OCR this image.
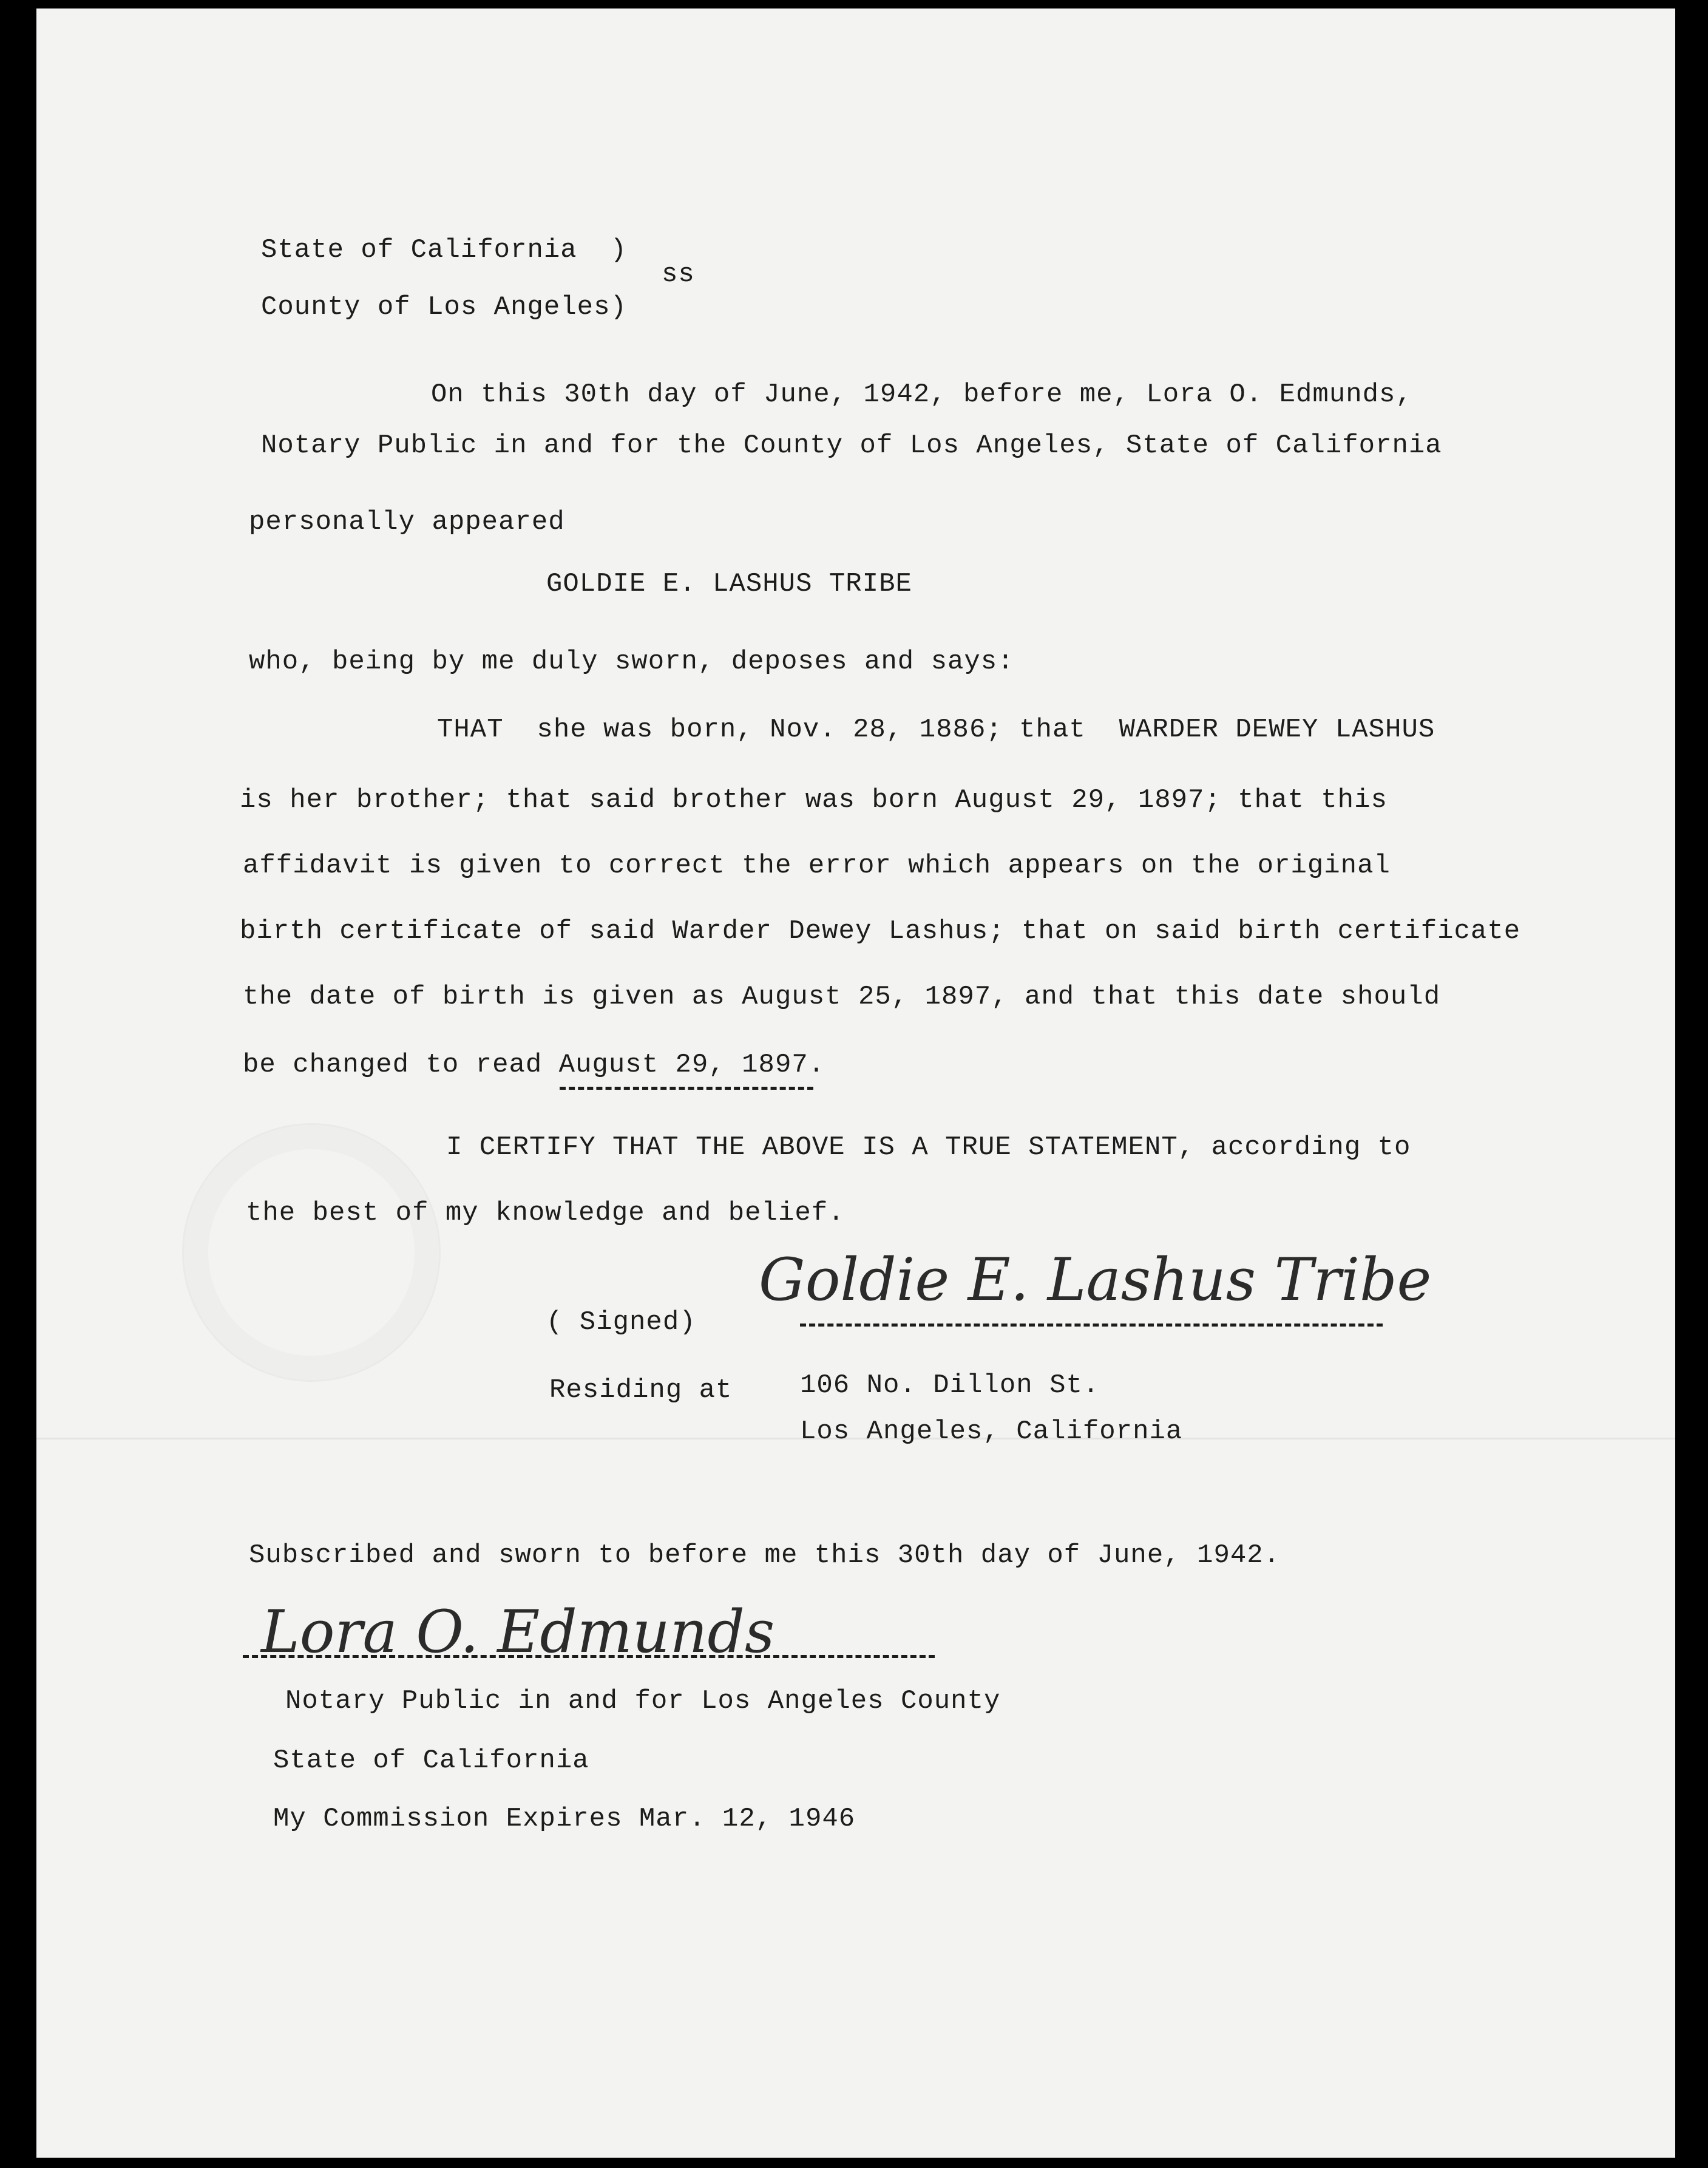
State of California  )
ss
County of Los Angeles)
On this 30th day of June, 1942, before me, Lora O. Edmunds,
Notary Public in and for the County of Los Angeles, State of California
personally appeared
GOLDIE E. LASHUS TRIBE
who, being by me duly sworn, deposes and says:
THAT  she was born, Nov. 28, 1886; that  WARDER DEWEY LASHUS
is her brother; that said brother was born August 29, 1897; that this
affidavit is given to correct the error which appears on the original
birth certificate of said Warder Dewey Lashus; that on said birth certificate
the date of birth is given as August 25, 1897, and that this date should
be changed to read August 29, 1897.
I CERTIFY THAT THE ABOVE IS A TRUE STATEMENT, according to
the best of my knowledge and belief.
( Signed)
Goldie E. Lashus Tribe
Residing at	106 No. Dillon St.
Los Angeles, California
Subscribed and sworn to before me this 30th day of June, 1942.
Lora O. Edmunds
Notary Public in and for Los Angeles County
State of California
My Commission Expires Mar. 12, 1946
